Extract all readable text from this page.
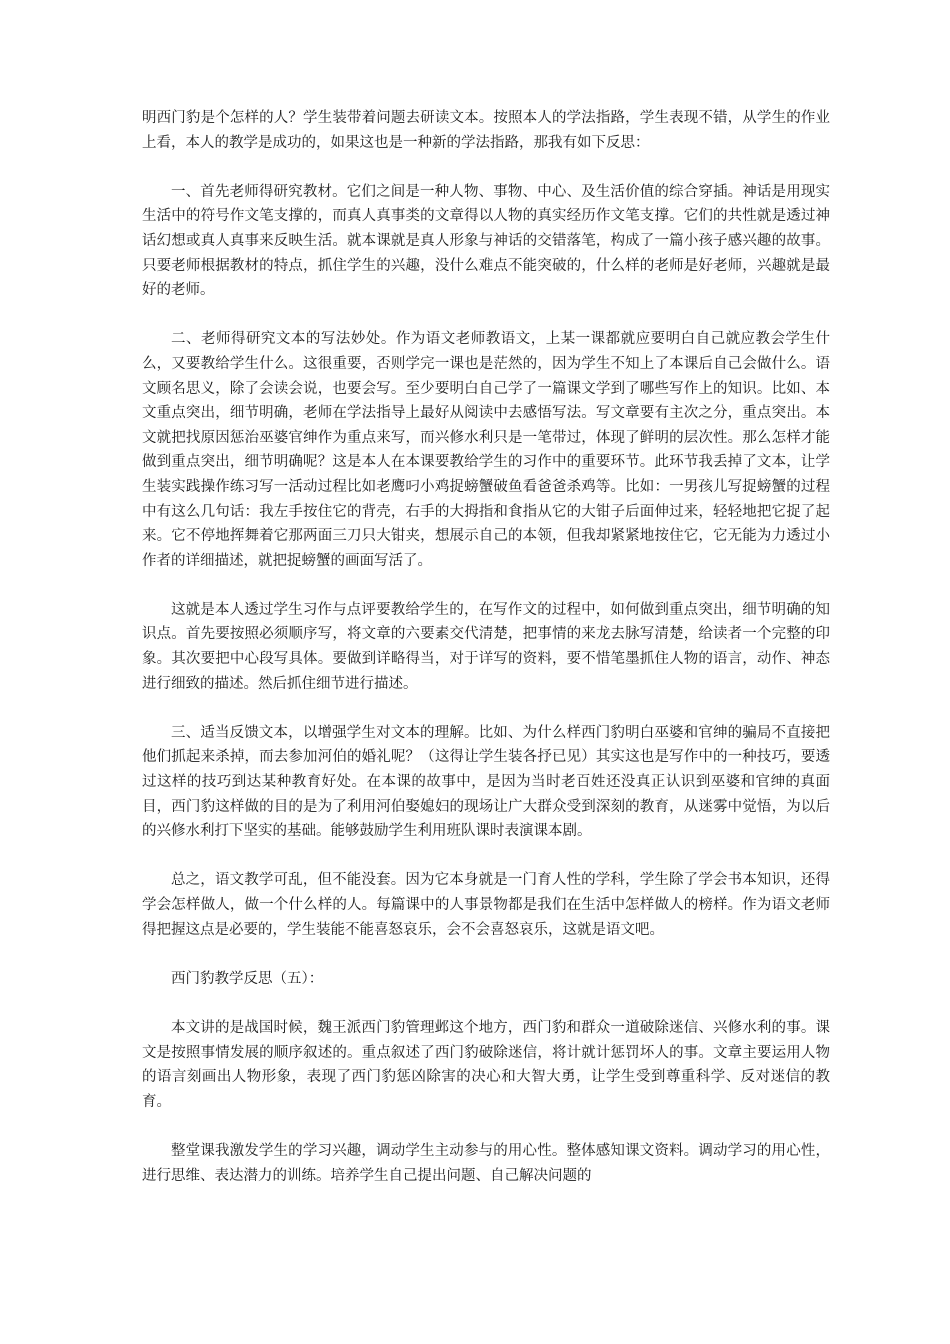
明西门豹是个怎样的人？学生装带着问题去研读文本。按照本人的学法指路，学生表现不错，从学生的作业上看，本人的教学是成功的，如果这也是一种新的学法指路，那我有如下反思：

一、首先老师得研究教材。它们之间是一种人物、事物、中心、及生活价值的综合穿插。神话是用现实生活中的符号作文笔支撑的，而真人真事类的文章得以人物的真实经历作文笔支撑。它们的共性就是透过神话幻想或真人真事来反映生活。就本课就是真人形象与神话的交错落笔，构成了一篇小孩子感兴趣的故事。只要老师根据教材的特点，抓住学生的兴趣，没什么难点不能突破的，什么样的老师是好老师，兴趣就是最好的老师。

二、老师得研究文本的写法妙处。作为语文老师教语文，上某一课都就应要明白自己就应教会学生什么，又要教给学生什么。这很重要，否则学完一课也是茫然的，因为学生不知上了本课后自己会做什么。语文顾名思义，除了会读会说，也要会写。至少要明白自己学了一篇课文学到了哪些写作上的知识。比如、本文重点突出，细节明确，老师在学法指导上最好从阅读中去感悟写法。写文章要有主次之分，重点突出。本文就把找原因惩治巫婆官绅作为重点来写，而兴修水利只是一笔带过，体现了鲜明的层次性。那么怎样才能做到重点突出，细节明确呢？这是本人在本课要教给学生的习作中的重要环节。此环节我丢掉了文本，让学生装实践操作练习写一活动过程比如老鹰叼小鸡捉螃蟹破鱼看爸爸杀鸡等。比如：一男孩儿写捉螃蟹的过程中有这么几句话：我左手按住它的背壳，右手的大拇指和食指从它的大钳子后面伸过来，轻轻地把它捉了起来。它不停地挥舞着它那两面三刀只大钳夹，想展示自己的本领，但我却紧紧地按住它，它无能为力透过小作者的详细描述，就把捉螃蟹的画面写活了。

这就是本人透过学生习作与点评要教给学生的，在写作文的过程中，如何做到重点突出，细节明确的知识点。首先要按照必须顺序写，将文章的六要素交代清楚，把事情的来龙去脉写清楚，给读者一个完整的印象。其次要把中心段写具体。要做到详略得当，对于详写的资料，要不惜笔墨抓住人物的语言，动作、神态进行细致的描述。然后抓住细节进行描述。

三、适当反馈文本，以增强学生对文本的理解。比如、为什么样西门豹明白巫婆和官绅的骗局不直接把他们抓起来杀掉，而去参加河伯的婚礼呢？（这得让学生装各抒已见）其实这也是写作中的一种技巧，要透过这样的技巧到达某种教育好处。在本课的故事中，是因为当时老百姓还没真正认识到巫婆和官绅的真面目，西门豹这样做的目的是为了利用河伯娶媳妇的现场让广大群众受到深刻的教育，从迷雾中觉悟，为以后的兴修水利打下坚实的基础。能够鼓励学生利用班队课时表演课本剧。

总之，语文教学可乱，但不能没套。因为它本身就是一门育人性的学科，学生除了学会书本知识，还得学会怎样做人，做一个什么样的人。每篇课中的人事景物都是我们在生活中怎样做人的榜样。作为语文老师得把握这点是必要的，学生装能不能喜怒哀乐，会不会喜怒哀乐，这就是语文吧。

西门豹教学反思（五）：

本文讲的是战国时候，魏王派西门豹管理邺这个地方，西门豹和群众一道破除迷信、兴修水利的事。课文是按照事情发展的顺序叙述的。重点叙述了西门豹破除迷信，将计就计惩罚坏人的事。文章主要运用人物的语言刻画出人物形象，表现了西门豹惩凶除害的决心和大智大勇，让学生受到尊重科学、反对迷信的教育。

整堂课我激发学生的学习兴趣，调动学生主动参与的用心性。整体感知课文资料。调动学习的用心性，进行思维、表达潜力的训练。培养学生自己提出问题、自己解决问题的
